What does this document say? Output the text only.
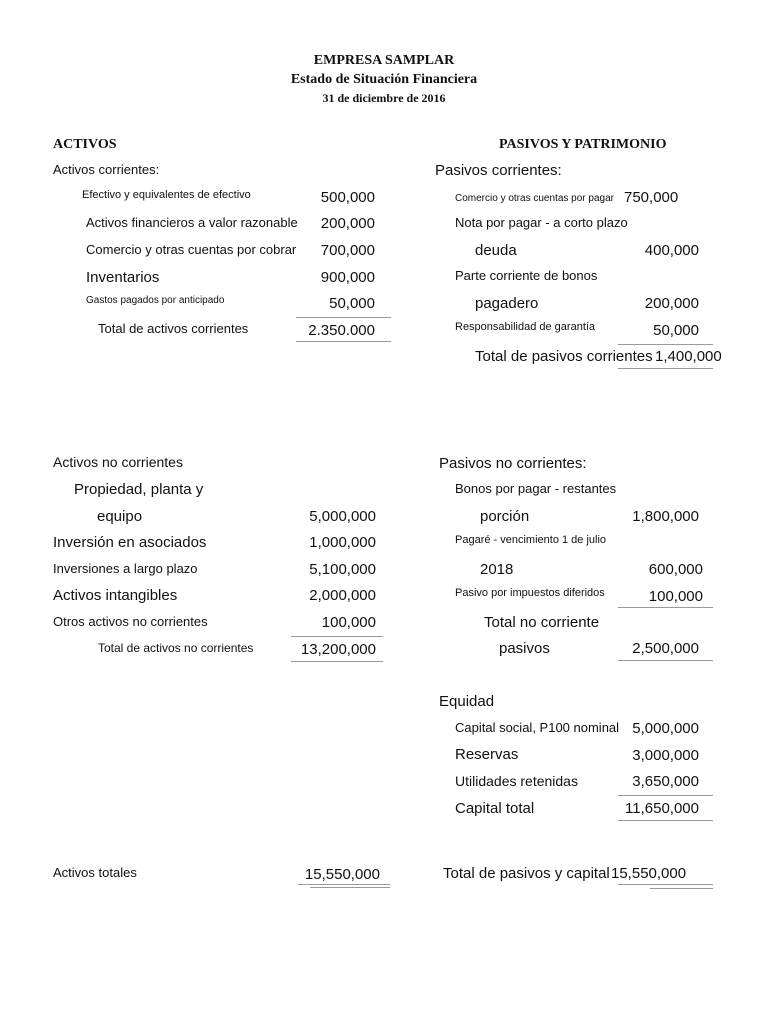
EMPRESA SAMPLAR
Estado de Situación Financiera
31 de diciembre de 2016
ACTIVOS
Activos corrientes:
Efectivo y equivalentes de efectivo	500,000
Activos financieros a valor razonable	200,000
Comercio y otras cuentas por cobrar	700,000
Inventarios	900,000
Gastos pagados por anticipado	50,000
Total de activos corrientes	2.350.000
Activos no corrientes
Propiedad, planta y
equipo	5,000,000
Inversión en asociados	1,000,000
Inversiones a largo plazo	5,100,000
Activos intangibles	2,000,000
Otros activos no corrientes	100,000
Total de activos no corrientes	13,200,000
Activos totales	15,550,000
PASIVOS Y PATRIMONIO
Pasivos corrientes:
Comercio y otras cuentas por pagar 750,000
Nota por pagar - a corto plazo
deuda	400,000
Parte corriente de bonos
pagadero	200,000
Responsabilidad de garantía	50,000
Total de pasivos corrientes 1,400,000
Pasivos no corrientes:
Bonos por pagar - restantes
porción	1,800,000
Pagaré - vencimiento 1 de julio
2018	600,000
Pasivo por impuestos diferidos	100,000
Total no corriente
pasivos	2,500,000
Equidad
Capital social, P100 nominal 5,000,000
Reservas	3,000,000
Utilidades retenidas	3,650,000
Capital total	11,650,000
Total de pasivos y capital 15,550,000
